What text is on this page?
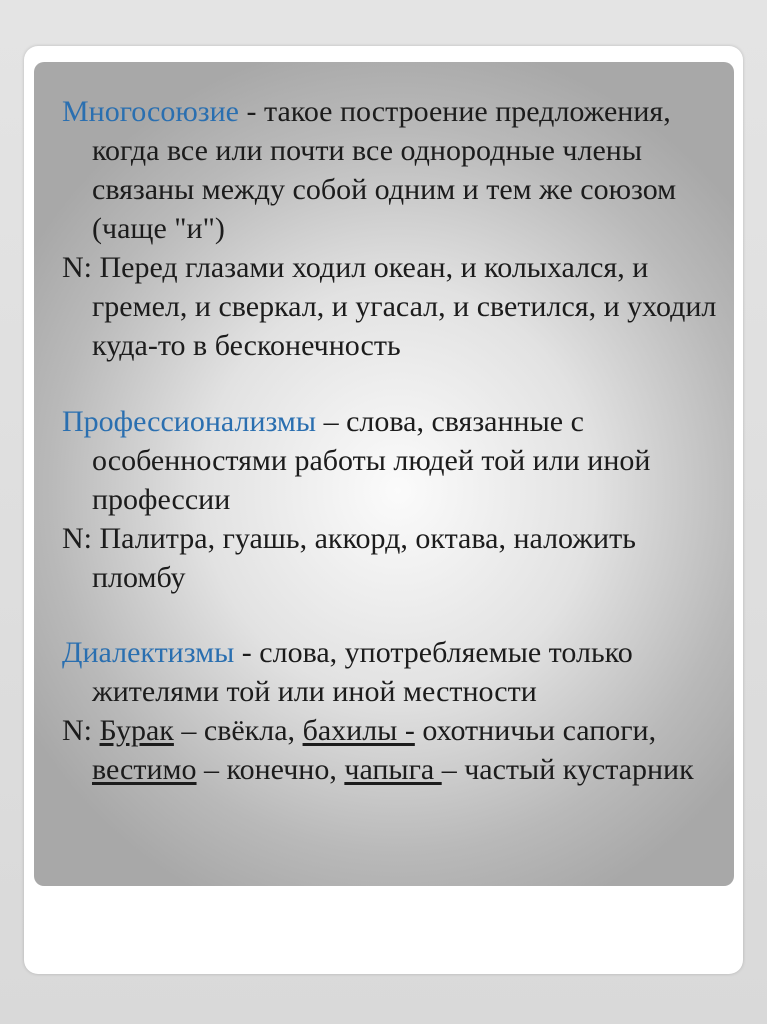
Многосоюзие - такое построение предложения, когда все или почти все однородные члены связаны между собой одним и тем же союзом (чаще "и")

N: Перед глазами ходил океан, и колыхался, и гремел, и сверкал, и угасал, и светился, и уходил куда-то в бесконечность

Профессионализмы – слова, связанные с особенностями работы людей той или иной профессии

N: Палитра, гуашь, аккорд, октава, наложить пломбу

Диалектизмы - слова, употребляемые только жителями той или иной местности

N: Бурак – свёкла, бахилы - охотничьи сапоги, вестимо – конечно, чапыга – частый кустарник
